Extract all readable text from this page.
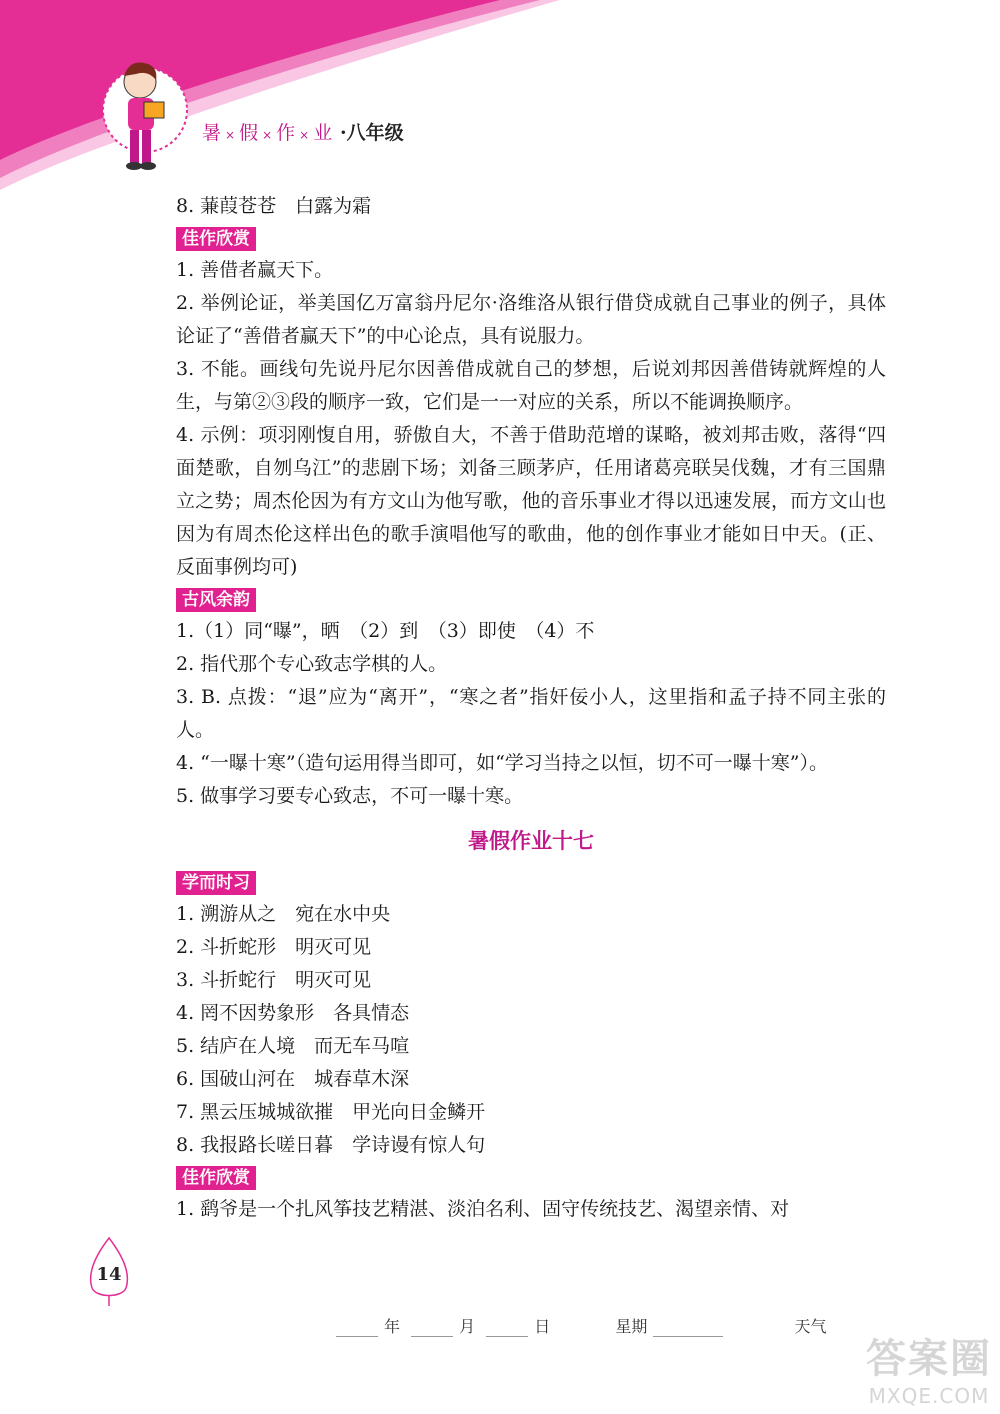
暑 × 假 × 作 × 业 ·八年级
8. 蒹葭苍苍　白露为霜
佳作欣赏
1. 善借者赢天下。
2. 举例论证，举美国亿万富翁丹尼尔·洛维洛从银行借贷成就自己事业的例子，具体论证了“善借者赢天下”的中心论点，具有说服力。
3. 不能。画线句先说丹尼尔因善借成就自己的梦想，后说刘邦因善借铸就辉煌的人生，与第②③段的顺序一致，它们是一一对应的关系，所以不能调换顺序。
4. 示例：项羽刚愎自用，骄傲自大，不善于借助范增的谋略，被刘邦击败，落得“四面楚歌，自刎乌江”的悲剧下场；刘备三顾茅庐，任用诸葛亮联吴伐魏，才有三国鼎立之势；周杰伦因为有方文山为他写歌，他的音乐事业才得以迅速发展，而方文山也因为有周杰伦这样出色的歌手演唱他写的歌曲，他的创作事业才能如日中天。(正、反面事例均可)
古风余韵
1.（1）同“曝”，晒　（2）到　（3）即使　（4）不
2. 指代那个专心致志学棋的人。
3. B. 点拨：“退”应为“离开”，“寒之者”指奸佞小人，这里指和孟子持不同主张的人。
4. “一曝十寒”（造句运用得当即可，如“学习当持之以恒，切不可一曝十寒”）。
5. 做事学习要专心致志，不可一曝十寒。
暑假作业十七
学而时习
1. 溯游从之　宛在水中央
2. 斗折蛇形　明灭可见
3. 斗折蛇行　明灭可见
4. 罔不因势象形　各具情态
5. 结庐在人境　而无车马喧
6. 国破山河在　城春草木深
7. 黑云压城城欲摧　甲光向日金鳞开
8. 我报路长嗟日暮　学诗谩有惊人句
佳作欣赏
1. 鹞爷是一个扎风筝技艺精湛、淡泊名利、固守传统技艺、渴望亲情、对
14
年	月	日	星期	天气
答案圈
MXQE.COM
